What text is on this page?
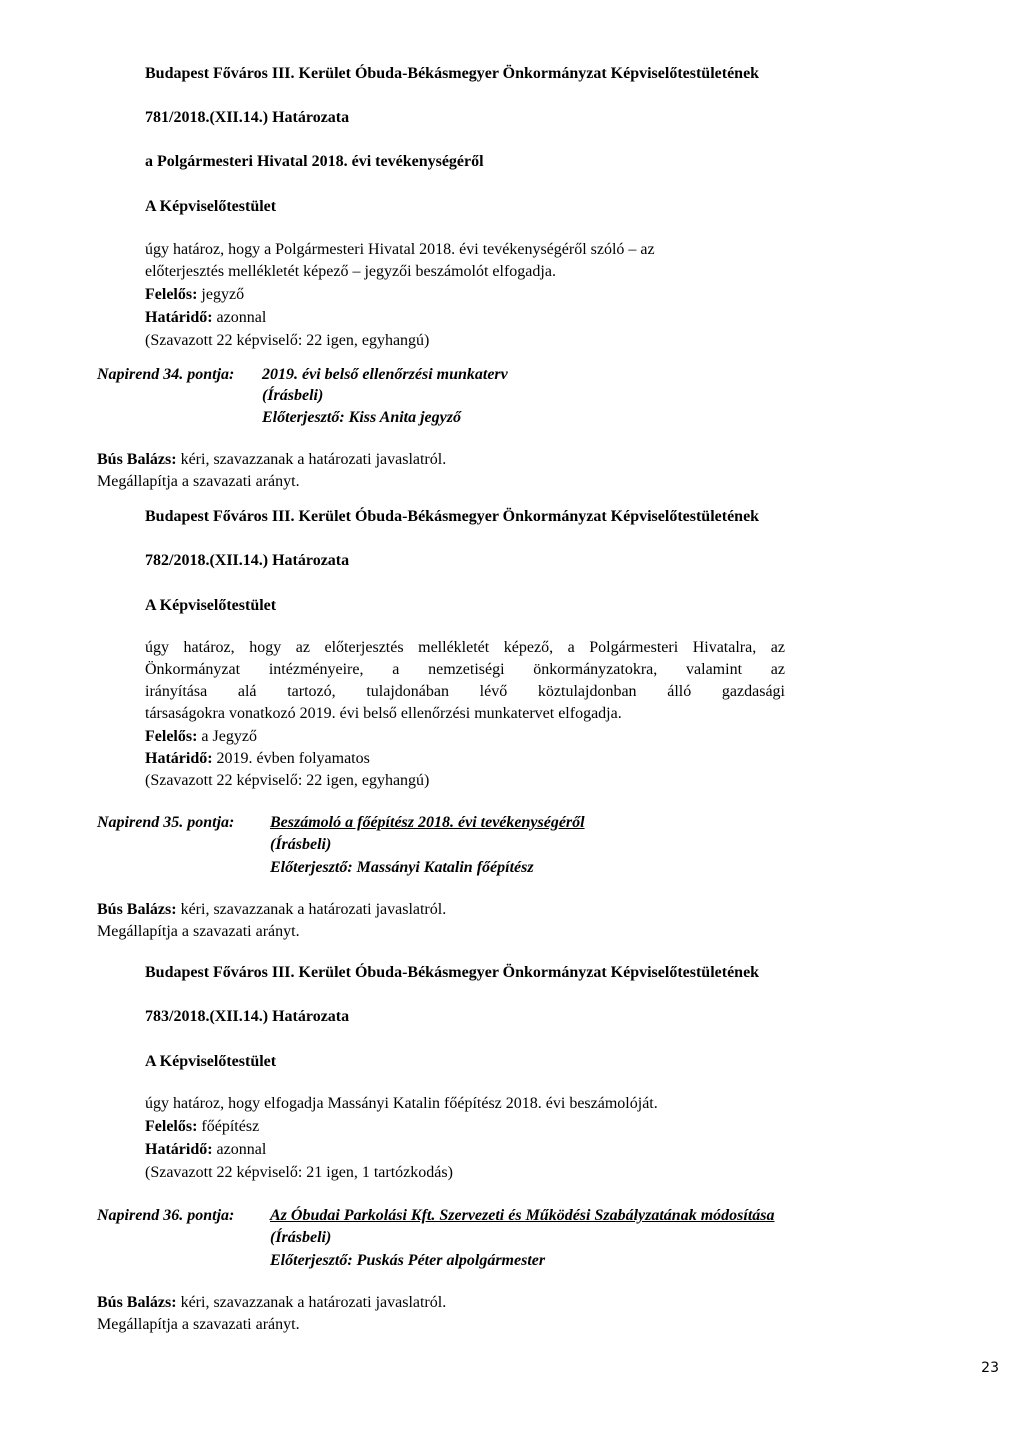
Budapest Főváros III. Kerület Óbuda-Békásmegyer Önkormányzat Képviselőtestületének
781/2018.(XII.14.) Határozata
a Polgármesteri Hivatal 2018. évi tevékenységéről
A Képviselőtestület
úgy határoz, hogy a Polgármesteri Hivatal 2018. évi tevékenységéről szóló – az
előterjesztés mellékletét képező – jegyzői beszámolót elfogadja.
Felelős: jegyző
Határidő: azonnal
(Szavazott 22 képviselő: 22 igen, egyhangú)
Napirend 34. pontja: 2019. évi belső ellenőrzési munkaterv
(Írásbeli)
Előterjesztő: Kiss Anita jegyző
Bús Balázs: kéri, szavazzanak a határozati javaslatról.
Megállapítja a szavazati arányt.
Budapest Főváros III. Kerület Óbuda-Békásmegyer Önkormányzat Képviselőtestületének
782/2018.(XII.14.) Határozata
A Képviselőtestület
úgy határoz, hogy az előterjesztés mellékletét képező, a Polgármesteri Hivatalra, az
Önkormányzat intézményeire, a nemzetiségi önkormányzatokra, valamint az
irányítása alá tartozó, tulajdonában lévő köztulajdonban álló gazdasági
társaságokra vonatkozó 2019. évi belső ellenőrzési munkatervet elfogadja.
Felelős: a Jegyző
Határidő: 2019. évben folyamatos
(Szavazott 22 képviselő: 22 igen, egyhangú)
Napirend 35. pontja: Beszámoló a főépítész 2018. évi tevékenységéről
(Írásbeli)
Előterjesztő: Massányi Katalin főépítész
Bús Balázs: kéri, szavazzanak a határozati javaslatról.
Megállapítja a szavazati arányt.
Budapest Főváros III. Kerület Óbuda-Békásmegyer Önkormányzat Képviselőtestületének
783/2018.(XII.14.) Határozata
A Képviselőtestület
úgy határoz, hogy elfogadja Massányi Katalin főépítész 2018. évi beszámolóját.
Felelős: főépítész
Határidő: azonnal
(Szavazott 22 képviselő: 21 igen, 1 tartózkodás)
Napirend 36. pontja: Az Óbudai Parkolási Kft. Szervezeti és Működési Szabályzatának módosítása
(Írásbeli)
Előterjesztő: Puskás Péter alpolgármester
Bús Balázs: kéri, szavazzanak a határozati javaslatról.
Megállapítja a szavazati arányt.
23
